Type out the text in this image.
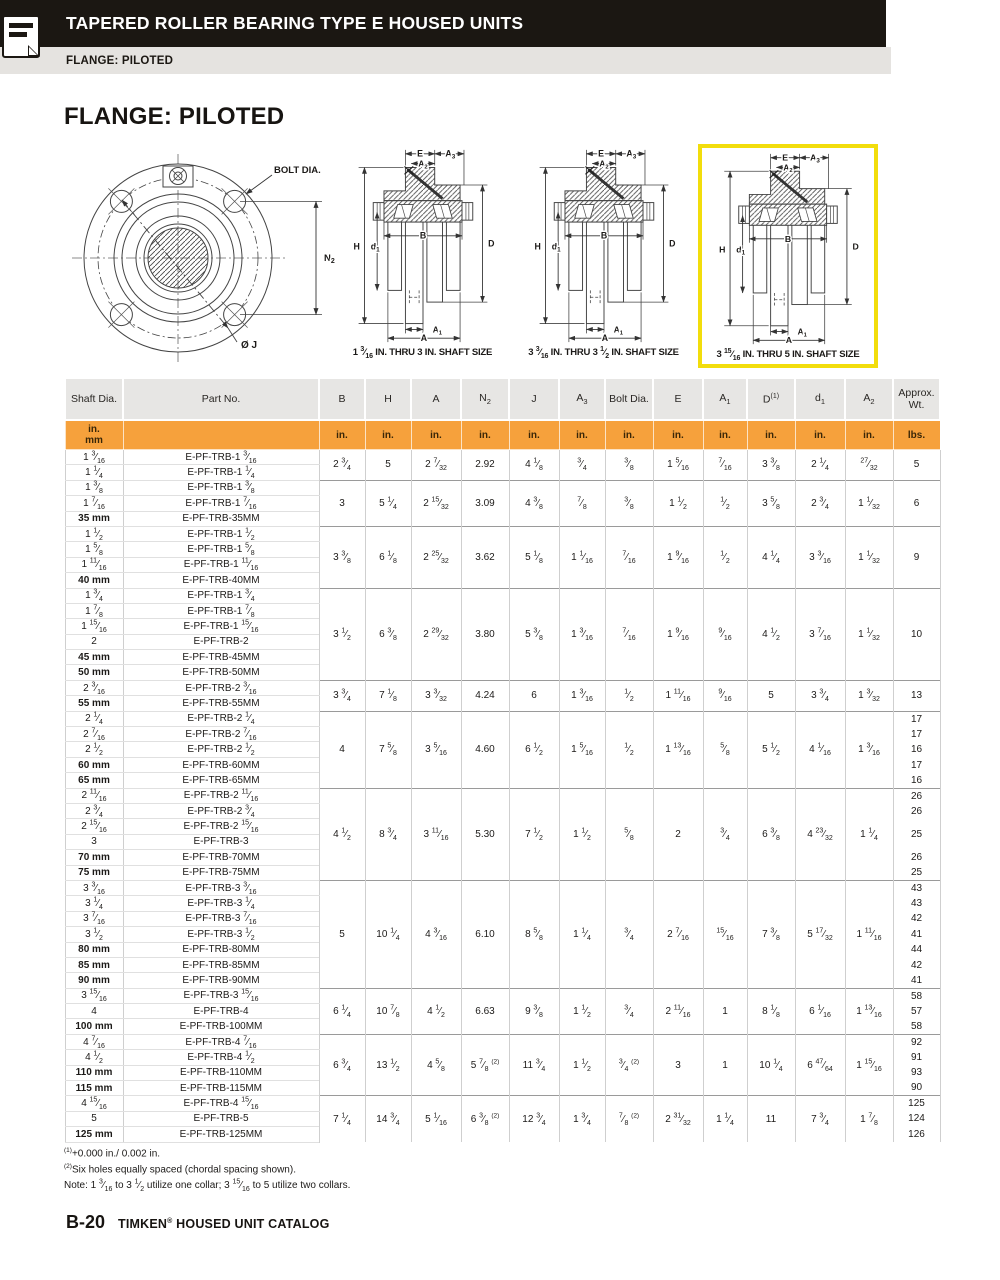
TAPERED ROLLER BEARING TYPE E HOUSED UNITS
FLANGE: PILOTED
FLANGE: PILOTED
Ø J
BOLT DIA.
$N_2$
E $A_3$
$A_2$
H $d_1$
B
D
$A_1$
A
1 $^3⁄_{16}$ IN. THRU 3 IN. SHAFT SIZE
E $A_3$
$A_2$
H $d_1$
B
D
$A_1$
A
3 $^3⁄_{16}$ IN. THRU 3 $^1⁄_2$ IN. SHAFT SIZE
E $A_3$
$A_2$
H $d_1$
B
D
$A_1$
A
3 $^{15}⁄_{16}$ IN. THRU 5 IN. SHAFT SIZE
Shaft Dia.	Part No.	B	H	A	$N_2$	J	$A_3$	Bolt Dia.	E	$A_1$	$D^{(1)}$	$d_1$	$A_2$	Approx. Wt.
in.
mm		in.	in.	in.	in.	in.	in.	in.	in.	in.	in.	in.	in.	lbs.
1 $^3⁄_{16}$	E-PF-TRB-1 $^3⁄_{16}$	2 $^3⁄_4$	5	2 $^7⁄_{32}$	2.92	4 $^1⁄_8$	$^3⁄_4$	$^3⁄_8$	1 $^5⁄_{16}$	$^7⁄_{16}$	3 $^3⁄_8$	2 $^1⁄_4$	$^{27}⁄_{32}$	5
1 $^1⁄_4$	E-PF-TRB-1 $^1⁄_4$
1 $^3⁄_8$	E-PF-TRB-1 $^3⁄_8$	3	5 $^1⁄_4$	2 $^{15}⁄_{32}$	3.09	4 $^3⁄_8$	$^7⁄_8$	$^3⁄_8$	1 $^1⁄_2$	$^1⁄_2$	3 $^5⁄_8$	2 $^3⁄_4$	1 $^1⁄_{32}$	6
1 $^7⁄_{16}$	E-PF-TRB-1 $^7⁄_{16}$
35 mm	E-PF-TRB-35MM													
1 $^1⁄_2$	E-PF-TRB-1 $^1⁄_2$	3 $^3⁄_8$	6 $^1⁄_8$	2 $^{25}⁄_{32}$	3.62	5 $^1⁄_8$	1 $^1⁄_{16}$	$^7⁄_{16}$	1 $^9⁄_{16}$	$^1⁄_2$	4 $^1⁄_4$	3 $^3⁄_{16}$	1 $^1⁄_{32}$	9
1 $^5⁄_8$	E-PF-TRB-1 $^5⁄_8$
1 $^{11}⁄_{16}$	E-PF-TRB-1 $^{11}⁄_{16}$
40 mm	E-PF-TRB-40MM													
1 $^3⁄_4$	E-PF-TRB-1 $^3⁄_4$	3 $^1⁄_2$	6 $^3⁄_8$	2 $^{29}⁄_{32}$	3.80	5 $^3⁄_8$	1 $^3⁄_{16}$	$^7⁄_{16}$	1 $^9⁄_{16}$	$^9⁄_{16}$	4 $^1⁄_2$	3 $^7⁄_{16}$	1 $^1⁄_{32}$	10
1 $^7⁄_8$	E-PF-TRB-1 $^7⁄_8$
1 $^{15}⁄_{16}$	E-PF-TRB-1 $^{15}⁄_{16}$
2	E-PF-TRB-2													
45 mm	E-PF-TRB-45MM													
50 mm	E-PF-TRB-50MM													
2 $^3⁄_{16}$	E-PF-TRB-2 $^3⁄_{16}$	3 $^3⁄_4$	7 $^1⁄_8$	3 $^3⁄_{32}$	4.24	6	1 $^3⁄_{16}$	$^1⁄_2$	1 $^{11}⁄_{16}$	$^9⁄_{16}$	5	3 $^3⁄_4$	1 $^3⁄_{32}$	13
55 mm	E-PF-TRB-55MM													
2 $^1⁄_4$	E-PF-TRB-2 $^1⁄_4$	4	7 $^5⁄_8$	3 $^5⁄_{16}$	4.60	6 $^1⁄_2$	1 $^5⁄_{16}$	$^1⁄_2$	1 $^{13}⁄_{16}$	$^5⁄_8$	5 $^1⁄_2$	4 $^1⁄_{16}$	1 $^3⁄_{16}$	17
2 $^7⁄_{16}$	E-PF-TRB-2 $^7⁄_{16}$													17
2 $^1⁄_2$	E-PF-TRB-2 $^1⁄_2$													16
60 mm	E-PF-TRB-60MM													17
65 mm	E-PF-TRB-65MM													16
2 $^{11}⁄_{16}$	E-PF-TRB-2 $^{11}⁄_{16}$	4 $^1⁄_2$	8 $^3⁄_4$	3 $^{11}⁄_{16}$	5.30	7 $^1⁄_2$	1 $^1⁄_2$	$^5⁄_8$	2	$^3⁄_4$	6 $^3⁄_8$	4 $^{23}⁄_{32}$	1 $^1⁄_4$	26
2 $^3⁄_4$	E-PF-TRB-2 $^3⁄_4$													26
2 $^{15}⁄_{16}$	E-PF-TRB-2 $^{15}⁄_{16}$													25
3	E-PF-TRB-3													
70 mm	E-PF-TRB-70MM													26
75 mm	E-PF-TRB-75MM													25
3 $^3⁄_{16}$	E-PF-TRB-3 $^3⁄_{16}$	5	10 $^1⁄_4$	4 $^3⁄_{16}$	6.10	8 $^5⁄_8$	1 $^1⁄_4$	$^3⁄_4$	2 $^7⁄_{16}$	$^{15}⁄_{16}$	7 $^3⁄_8$	5 $^{17}⁄_{32}$	1 $^{11}⁄_{16}$	43
3 $^1⁄_4$	E-PF-TRB-3 $^1⁄_4$													43
3 $^7⁄_{16}$	E-PF-TRB-3 $^7⁄_{16}$													42
3 $^1⁄_2$	E-PF-TRB-3 $^1⁄_2$													41
80 mm	E-PF-TRB-80MM													44
85 mm	E-PF-TRB-85MM													42
90 mm	E-PF-TRB-90MM													41
3 $^{15}⁄_{16}$	E-PF-TRB-3 $^{15}⁄_{16}$	6 $^1⁄_4$	10 $^7⁄_8$	4 $^1⁄_2$	6.63	9 $^3⁄_8$	1 $^1⁄_2$	$^3⁄_4$	2 $^{11}⁄_{16}$	1	8 $^1⁄_8$	6 $^1⁄_{16}$	1 $^{13}⁄_{16}$	58
4	E-PF-TRB-4													57
100 mm	E-PF-TRB-100MM													58
4 $^7⁄_{16}$	E-PF-TRB-4 $^7⁄_{16}$	6 $^3⁄_4$	13 $^1⁄_2$	4 $^5⁄_8$	5 $^7⁄_8$ $^{(2)}$	11 $^3⁄_4$	1 $^1⁄_2$	$^3⁄_4$ $^{(2)}$	3	1	10 $^1⁄_4$	6 $^{47}⁄_{64}$	1 $^{15}⁄_{16}$	92
4 $^1⁄_2$	E-PF-TRB-4 $^1⁄_2$													91
110 mm	E-PF-TRB-110MM													93
115 mm	E-PF-TRB-115MM													90
4 $^{15}⁄_{16}$	E-PF-TRB-4 $^{15}⁄_{16}$	7 $^1⁄_4$	14 $^3⁄_4$	5 $^1⁄_{16}$	6 $^3⁄_8$ $^{(2)}$	12 $^3⁄_4$	1 $^3⁄_4$	$^7⁄_8$ $^{(2)}$	2 $^{31}⁄_{32}$	1 $^1⁄_4$	11	7 $^3⁄_4$	1 $^7⁄_8$	125
5	E-PF-TRB-5													124
125 mm	E-PF-TRB-125MM													126
$^{(1)}$+0.000 in./ 0.002 in.
$^{(2)}$Six holes equally spaced (chordal spacing shown).
Note: 1 $^3⁄_{16}$ to 3 $^1⁄_2$ utilize one collar; 3 $^{15}⁄_{16}$ to 5 utilize two collars.
B-20 TIMKEN® HOUSED UNIT CATALOG
